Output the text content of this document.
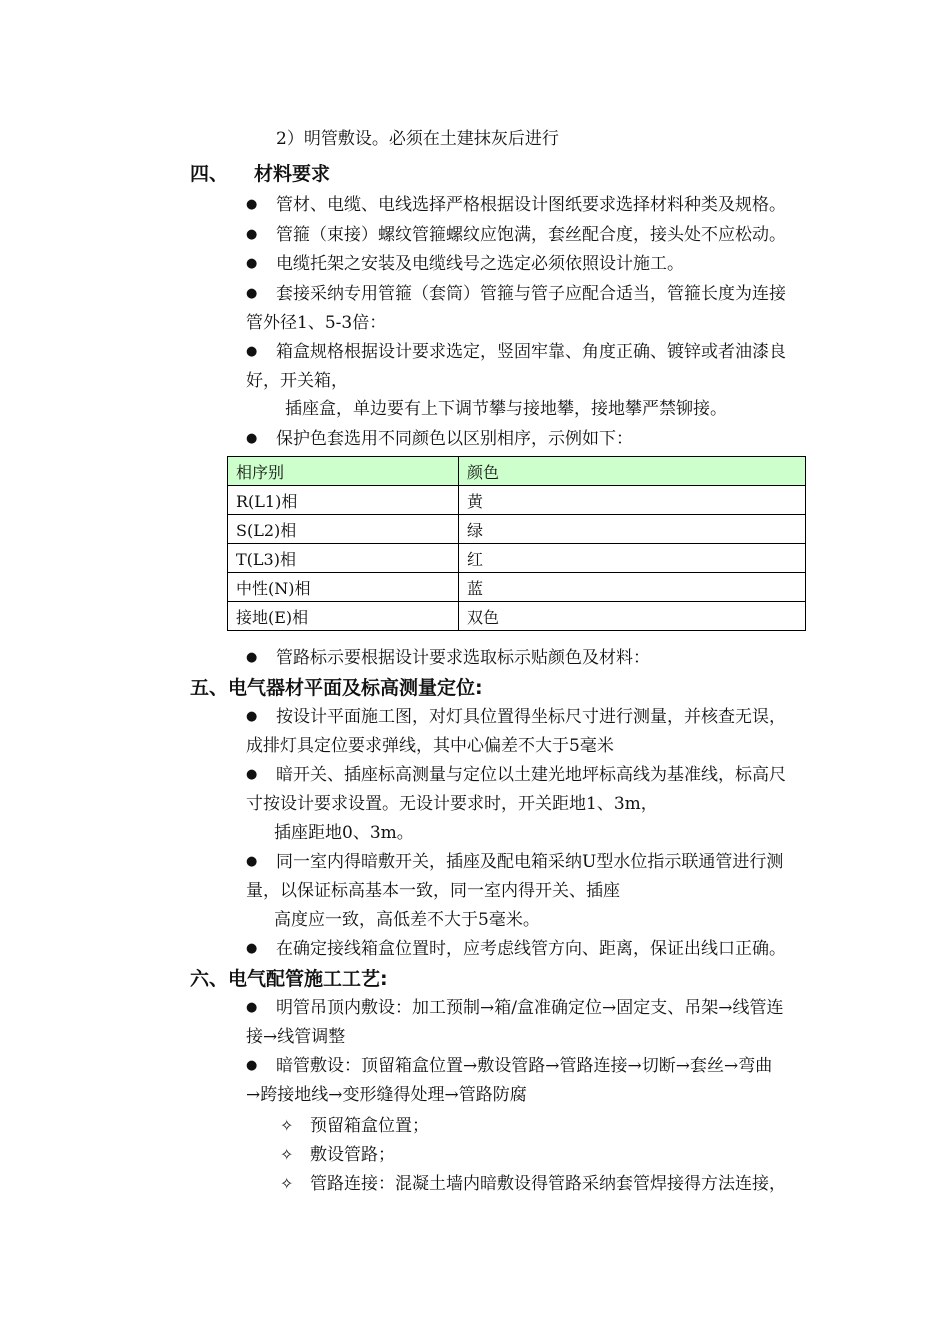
2）明管敷设。必须在土建抹灰后进行
四、 材料要求
●管材、电缆、电线选择严格根据设计图纸要求选择材料种类及规格。
●管箍（束接）螺纹管箍螺纹应饱满，套丝配合度，接头处不应松动。
●电缆托架之安装及电缆线号之选定必须依照设计施工。
●套接采纳专用管箍（套筒）管箍与管子应配合适当，管箍长度为连接
管外径1、5-3倍：
●箱盒规格根据设计要求选定，竖固牢靠、角度正确、镀锌或者油漆良
好，开关箱，
插座盒，单边要有上下调节攀与接地攀，接地攀严禁铆接。
●保护色套选用不同颜色以区别相序，示例如下：
相序别	颜色
R(L1)相	黄
S(L2)相	绿
T(L3)相	红
中性(N)相	蓝
接地(E)相	双色
●管路标示要根据设计要求选取标示贴颜色及材料：
五、电气器材平面及标高测量定位:
●按设计平面施工图，对灯具位置得坐标尺寸进行测量，并核查无误，
成排灯具定位要求弹线，其中心偏差不大于5毫米
●暗开关、插座标高测量与定位以土建光地坪标高线为基准线，标高尺
寸按设计要求设置。无设计要求时，开关距地1、3m，
插座距地0、3m。
●同一室内得暗敷开关，插座及配电箱采纳U型水位指示联通管进行测
量，以保证标高基本一致，同一室内得开关、插座
高度应一致，高低差不大于5毫米。
●在确定接线箱盒位置时，应考虑线管方向、距离，保证出线口正确。
六、电气配管施工工艺:
●明管吊顶内敷设：加工预制→箱/盒准确定位→固定支、吊架→线管连
接→线管调整
●暗管敷设：顶留箱盒位置→敷设管路→管路连接→切断→套丝→弯曲
→跨接地线→变形缝得处理→管路防腐
✧预留箱盒位置；
✧敷设管路；
✧管路连接：混凝土墙内暗敷设得管路采纳套管焊接得方法连接，
